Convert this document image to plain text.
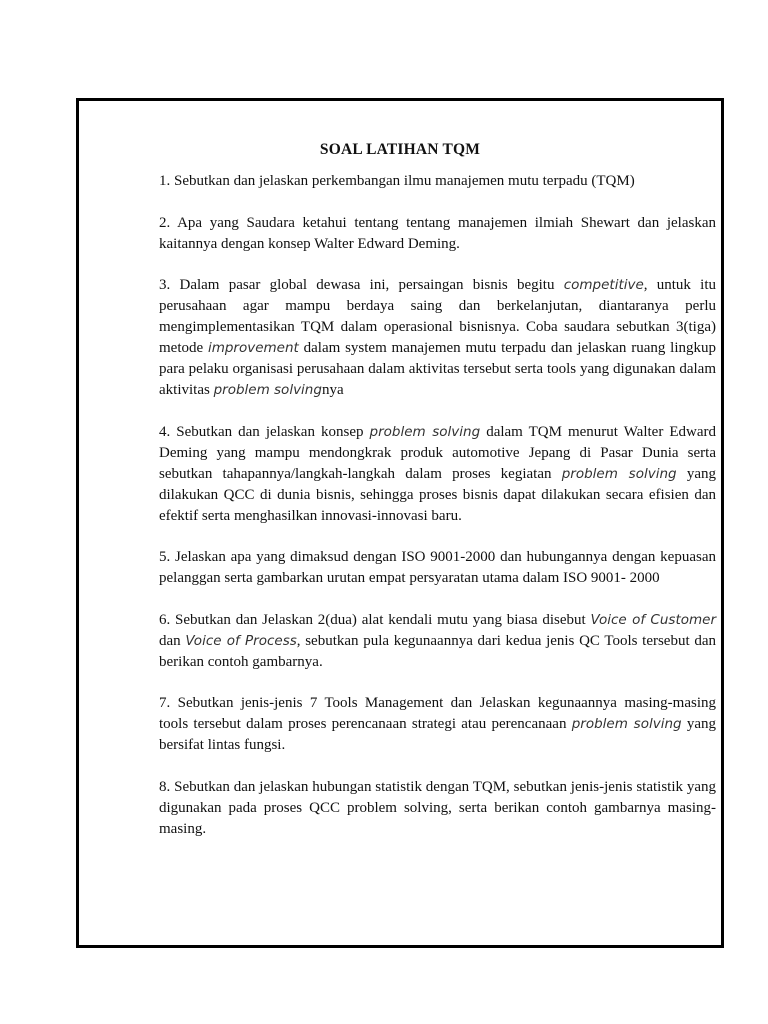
SOAL LATIHAN TQM

1. Sebutkan dan jelaskan perkembangan ilmu manajemen mutu terpadu (TQM)

2. Apa yang Saudara ketahui tentang tentang manajemen ilmiah Shewart dan jelaskan kaitannya dengan konsep Walter Edward Deming.

3. Dalam pasar global dewasa ini, persaingan bisnis begitu competitive, untuk itu perusahaan agar mampu berdaya saing dan berkelanjutan, diantaranya perlu mengimplementasikan TQM dalam operasional bisnisnya. Coba saudara sebutkan 3(tiga) metode improvement dalam system manajemen mutu terpadu dan jelaskan ruang lingkup para pelaku organisasi perusahaan dalam aktivitas tersebut serta tools yang digunakan dalam aktivitas problem solvingnya

4. Sebutkan dan jelaskan konsep problem solving dalam TQM menurut Walter Edward Deming yang mampu mendongkrak produk automotive Jepang di Pasar Dunia serta sebutkan tahapannya/langkah-langkah dalam proses kegiatan problem solving yang dilakukan QCC di dunia bisnis, sehingga proses bisnis dapat dilakukan secara efisien dan efektif serta menghasilkan innovasi-innovasi baru.

5. Jelaskan apa yang dimaksud dengan ISO 9001-2000 dan hubungannya dengan kepuasan pelanggan serta gambarkan urutan empat persyaratan utama dalam ISO 9001- 2000

6. Sebutkan dan Jelaskan 2(dua) alat kendali mutu yang biasa disebut Voice of Customer dan Voice of Process, sebutkan pula kegunaannya dari kedua jenis QC Tools tersebut dan berikan contoh gambarnya.

7. Sebutkan jenis-jenis 7 Tools Management dan Jelaskan kegunaannya masing-masing tools tersebut dalam proses perencanaan strategi atau perencanaan problem solving yang bersifat lintas fungsi.

8. Sebutkan dan jelaskan hubungan statistik dengan TQM, sebutkan jenis-jenis statistik yang digunakan pada proses QCC problem solving, serta berikan contoh gambarnya masing-masing.
